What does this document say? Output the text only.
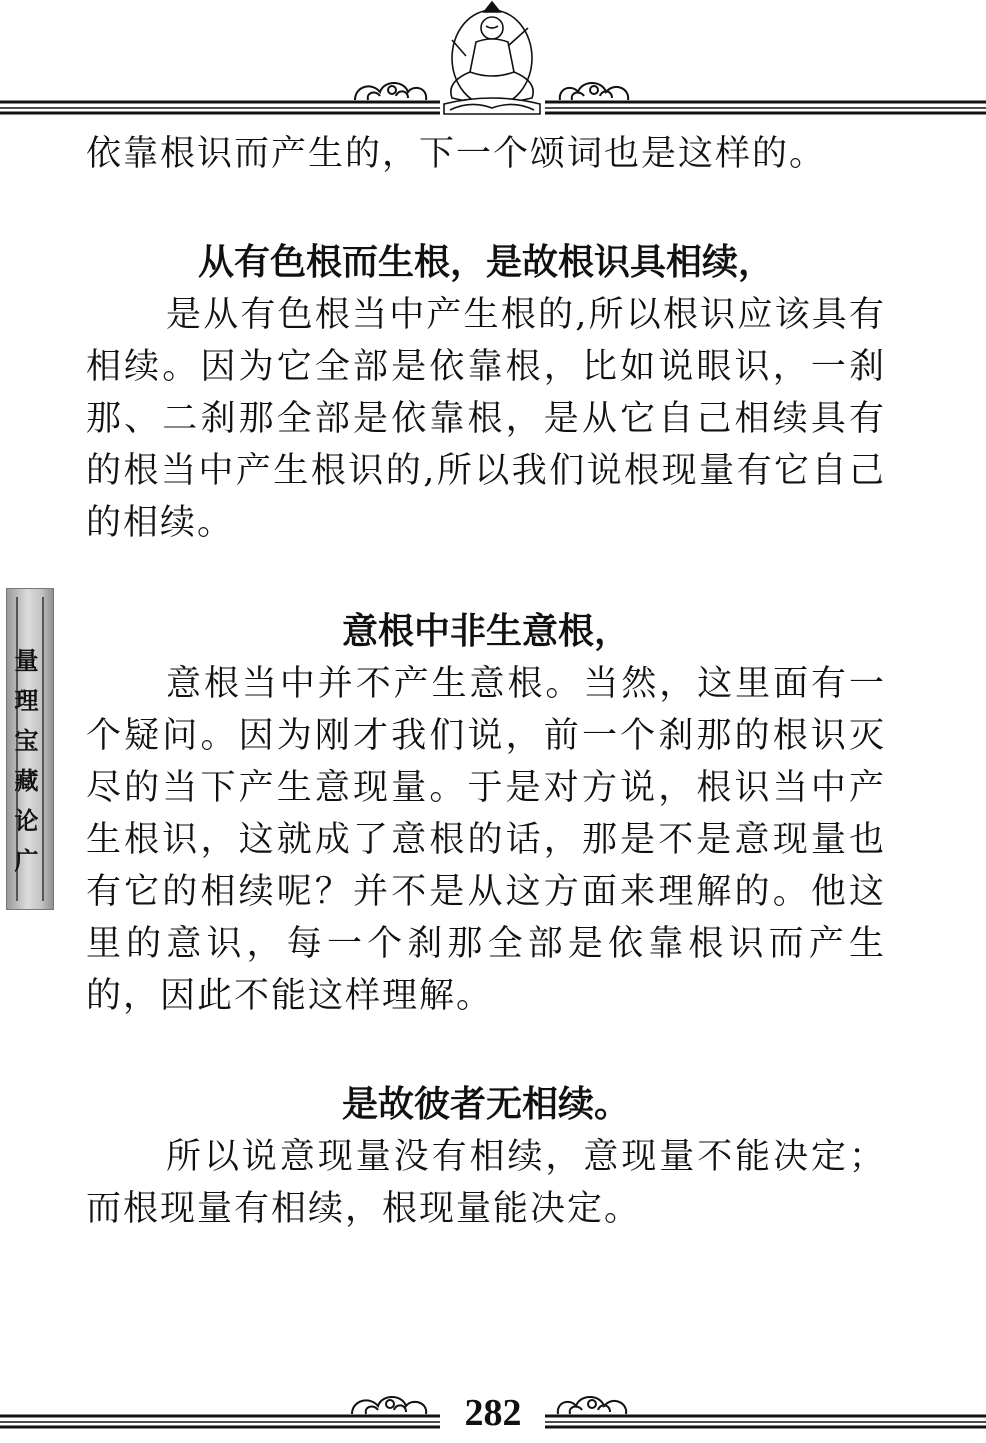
量理宝藏论广

依靠根识而产生的，下一个颂词也是这样的。

从有色根而生根，是故根识具相续，

是从有色根当中产生根的,所以根识应该具有相续。因为它全部是依靠根，比如说眼识，一刹那、二刹那全部是依靠根，是从它自己相续具有的根当中产生根识的,所以我们说根现量有它自己的相续。

意根中非生意根，

意根当中并不产生意根。当然，这里面有一个疑问。因为刚才我们说，前一个刹那的根识灭尽的当下产生意现量。于是对方说，根识当中产生根识，这就成了意根的话，那是不是意现量也有它的相续呢？并不是从这方面来理解的。他这里的意识，每一个刹那全部是依靠根识而产生的，因此不能这样理解。

是故彼者无相续。

所以说意现量没有相续，意现量不能决定；而根现量有相续，根现量能决定。

282
